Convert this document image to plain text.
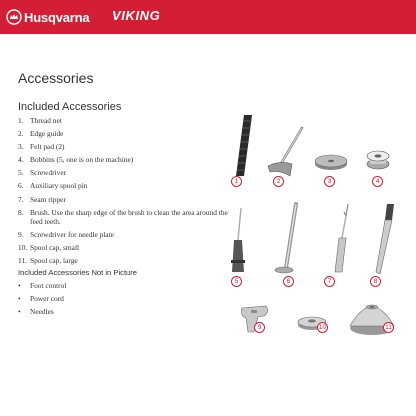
Husqvarna VIKING
Accessories
Included Accessories
1. Thread net
2. Edge guide
3. Felt pad (2)
4. Bobbins (5, one is on the machine)
5. Screwdriver
6. Auxiliary spool pin
7. Seam ripper
8. Brush. Use the sharp edge of the brush to clean the area around the feed teeth.
9. Screwdriver for needle plate
10. Spool cap, small
11. Spool cap, large
Included Accessories Not in Picture
•	Foot control
•	Power cord
•	Needles
1	2	3	4
5	6	7	8
9	10	11
